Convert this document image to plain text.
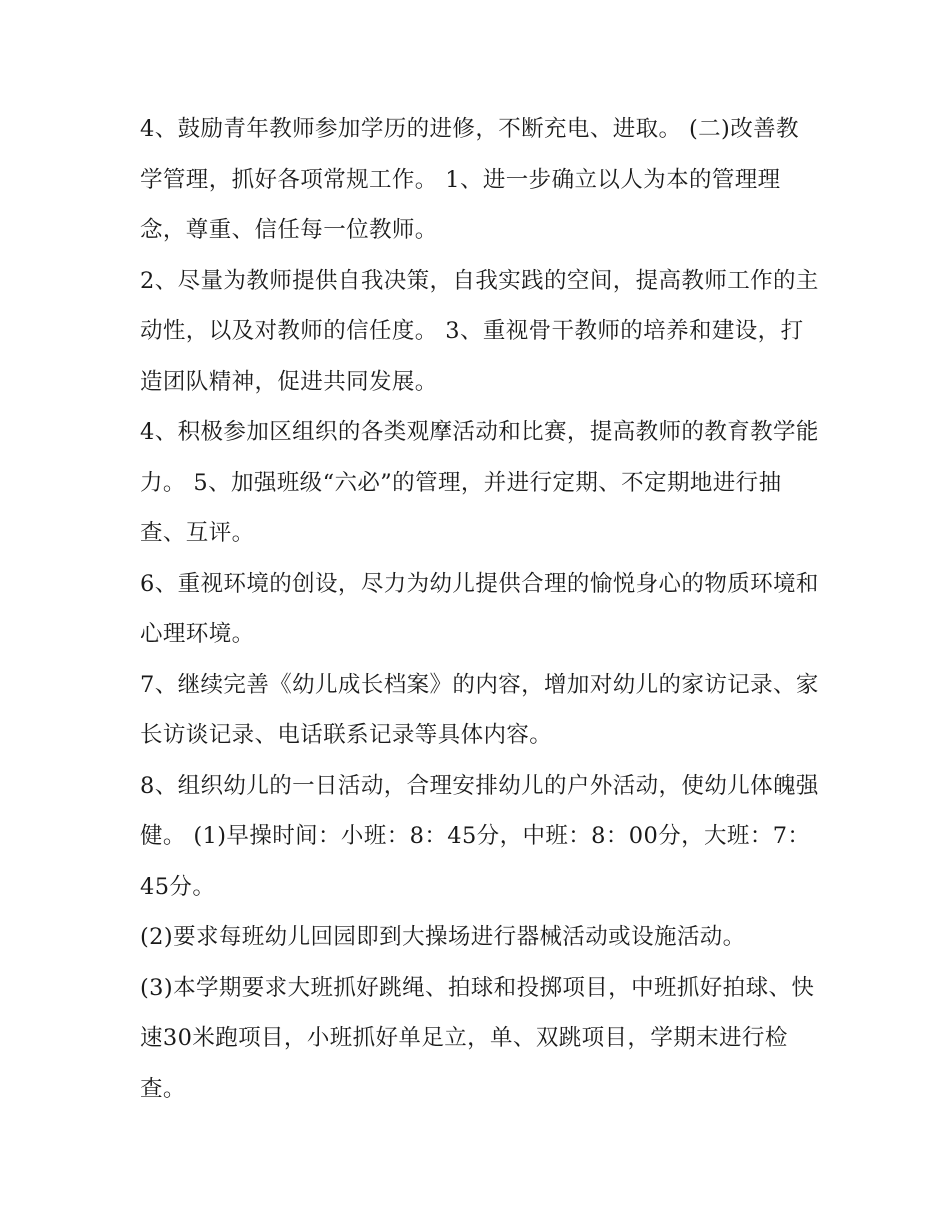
4、鼓励青年教师参加学历的进修，不断充电、进取。 (二)改善教学管理，抓好各项常规工作。 1、进一步确立以人为本的管理理念，尊重、信任每一位教师。

2、尽量为教师提供自我决策，自我实践的空间，提高教师工作的主动性，以及对教师的信任度。 3、重视骨干教师的培养和建设，打造团队精神，促进共同发展。

4、积极参加区组织的各类观摩活动和比赛，提高教师的教育教学能力。 5、加强班级“六必”的管理，并进行定期、不定期地进行抽查、互评。

6、重视环境的创设，尽力为幼儿提供合理的愉悦身心的物质环境和心理环境。

7、继续完善《幼儿成长档案》的内容，增加对幼儿的家访记录、家长访谈记录、电话联系记录等具体内容。

8、组织幼儿的一日活动，合理安排幼儿的户外活动，使幼儿体魄强健。 (1)早操时间：小班：8：45分，中班：8：00分，大班：7：45分。

(2)要求每班幼儿回园即到大操场进行器械活动或设施活动。

(3)本学期要求大班抓好跳绳、拍球和投掷项目，中班抓好拍球、快速30米跑项目，小班抓好单足立，单、双跳项目，学期末进行检查。
